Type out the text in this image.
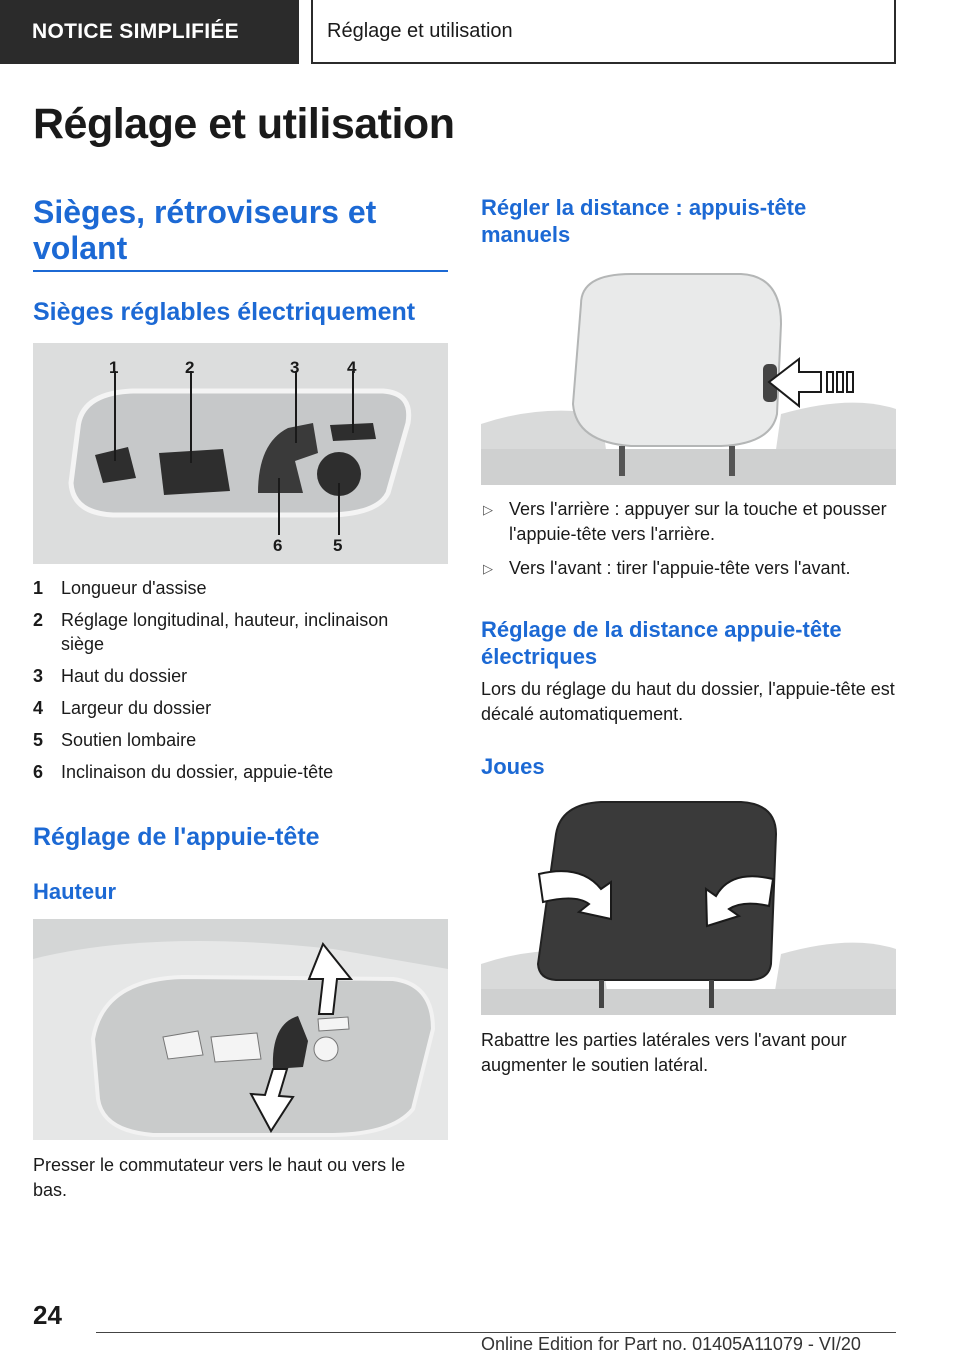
NOTICE SIMPLIFIÉE	Réglage et utilisation
Réglage et utilisation
Sièges, rétroviseurs et volant
Sièges réglables électriquement
1	2	3	4
5
6
1 Longueur d'assise
2 Réglage longitudinal, hauteur, inclinaison siège
3 Haut du dossier
4 Largeur du dossier
5 Soutien lombaire
6 Inclinaison du dossier, appuie-tête
Réglage de l'appuie-tête
Hauteur
Presser le commutateur vers le haut ou vers le bas.
Régler la distance : appuis-tête manuels
▷ Vers l'arrière : appuyer sur la touche et pousser l'appuie-tête vers l'arrière.
▷ Vers l'avant : tirer l'appuie-tête vers l'avant.
Réglage de la distance appuie-tête électriques
Lors du réglage du haut du dossier, l'appuie-tête est décalé automatiquement.
Joues
Rabattre les parties latérales vers l'avant pour augmenter le soutien latéral.
24
Online Edition for Part no. 01405A11079 - VI/20
